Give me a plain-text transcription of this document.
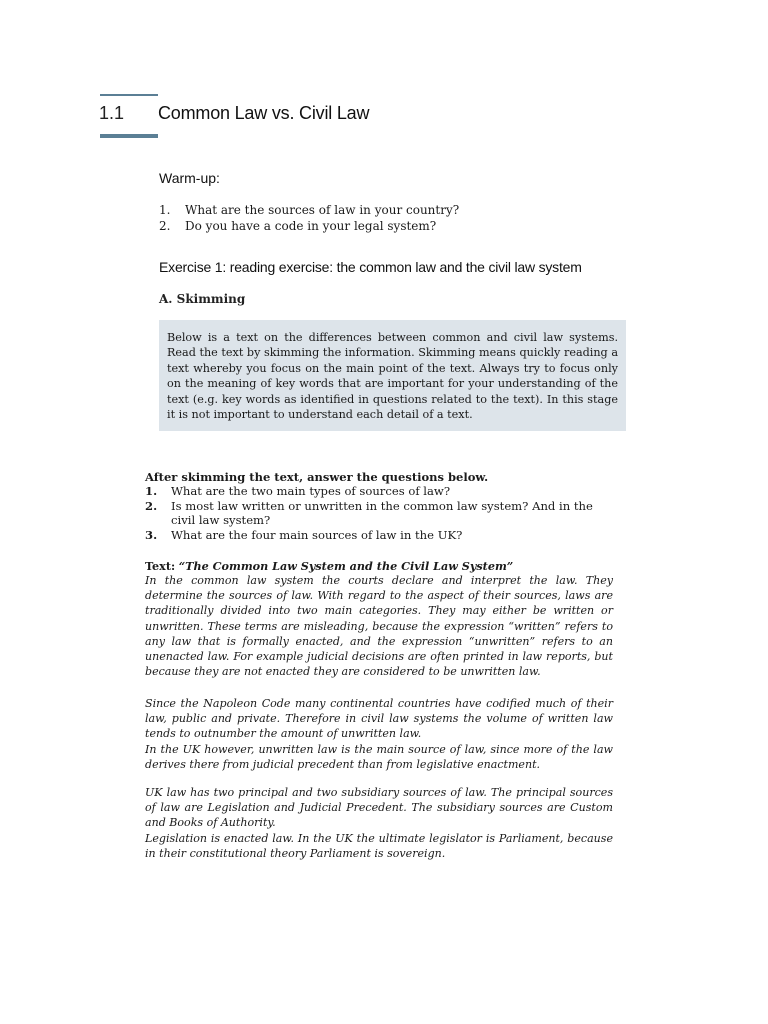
1.1 Common Law vs. Civil Law
Warm-up:
1.	What are the sources of law in your country?
2.	Do you have a code in your legal system?
Exercise 1: reading exercise: the common law and the civil law system
A. Skimming
Below is a text on the differences between common and civil law systems. Read the text by skimming the information. Skimming means quickly reading a text whereby you focus on the main point of the text. Always try to focus only on the meaning of key words that are important for your understanding of the text (e.g. key words as identified in questions related to the text). In this stage it is not important to understand each detail of a text.
After skimming the text, answer the questions below.
1.	What are the two main types of sources of law?
2.	Is most law written or unwritten in the common law system? And in the civil law system?
3.	What are the four main sources of law in the UK?
Text: “The Common Law System and the Civil Law System”
In the common law system the courts declare and interpret the law. They determine the sources of law. With regard to the aspect of their sources, laws are traditionally divided into two main categories. They may either be written or unwritten. These terms are misleading, because the expression “written” refers to any law that is formally enacted, and the expression “unwritten” refers to an unenacted law. For example judicial decisions are often printed in law reports, but because they are not enacted they are considered to be unwritten law.
Since the Napoleon Code many continental countries have codified much of their law, public and private. Therefore in civil law systems the volume of written law tends to outnumber the amount of unwritten law.
In the UK however, unwritten law is the main source of law, since more of the law derives there from judicial precedent than from legislative enactment.
UK law has two principal and two subsidiary sources of law. The principal sources of law are Legislation and Judicial Precedent. The subsidiary sources are Custom and Books of Authority.
Legislation is enacted law. In the UK the ultimate legislator is Parliament, because in their constitutional theory Parliament is sovereign.
